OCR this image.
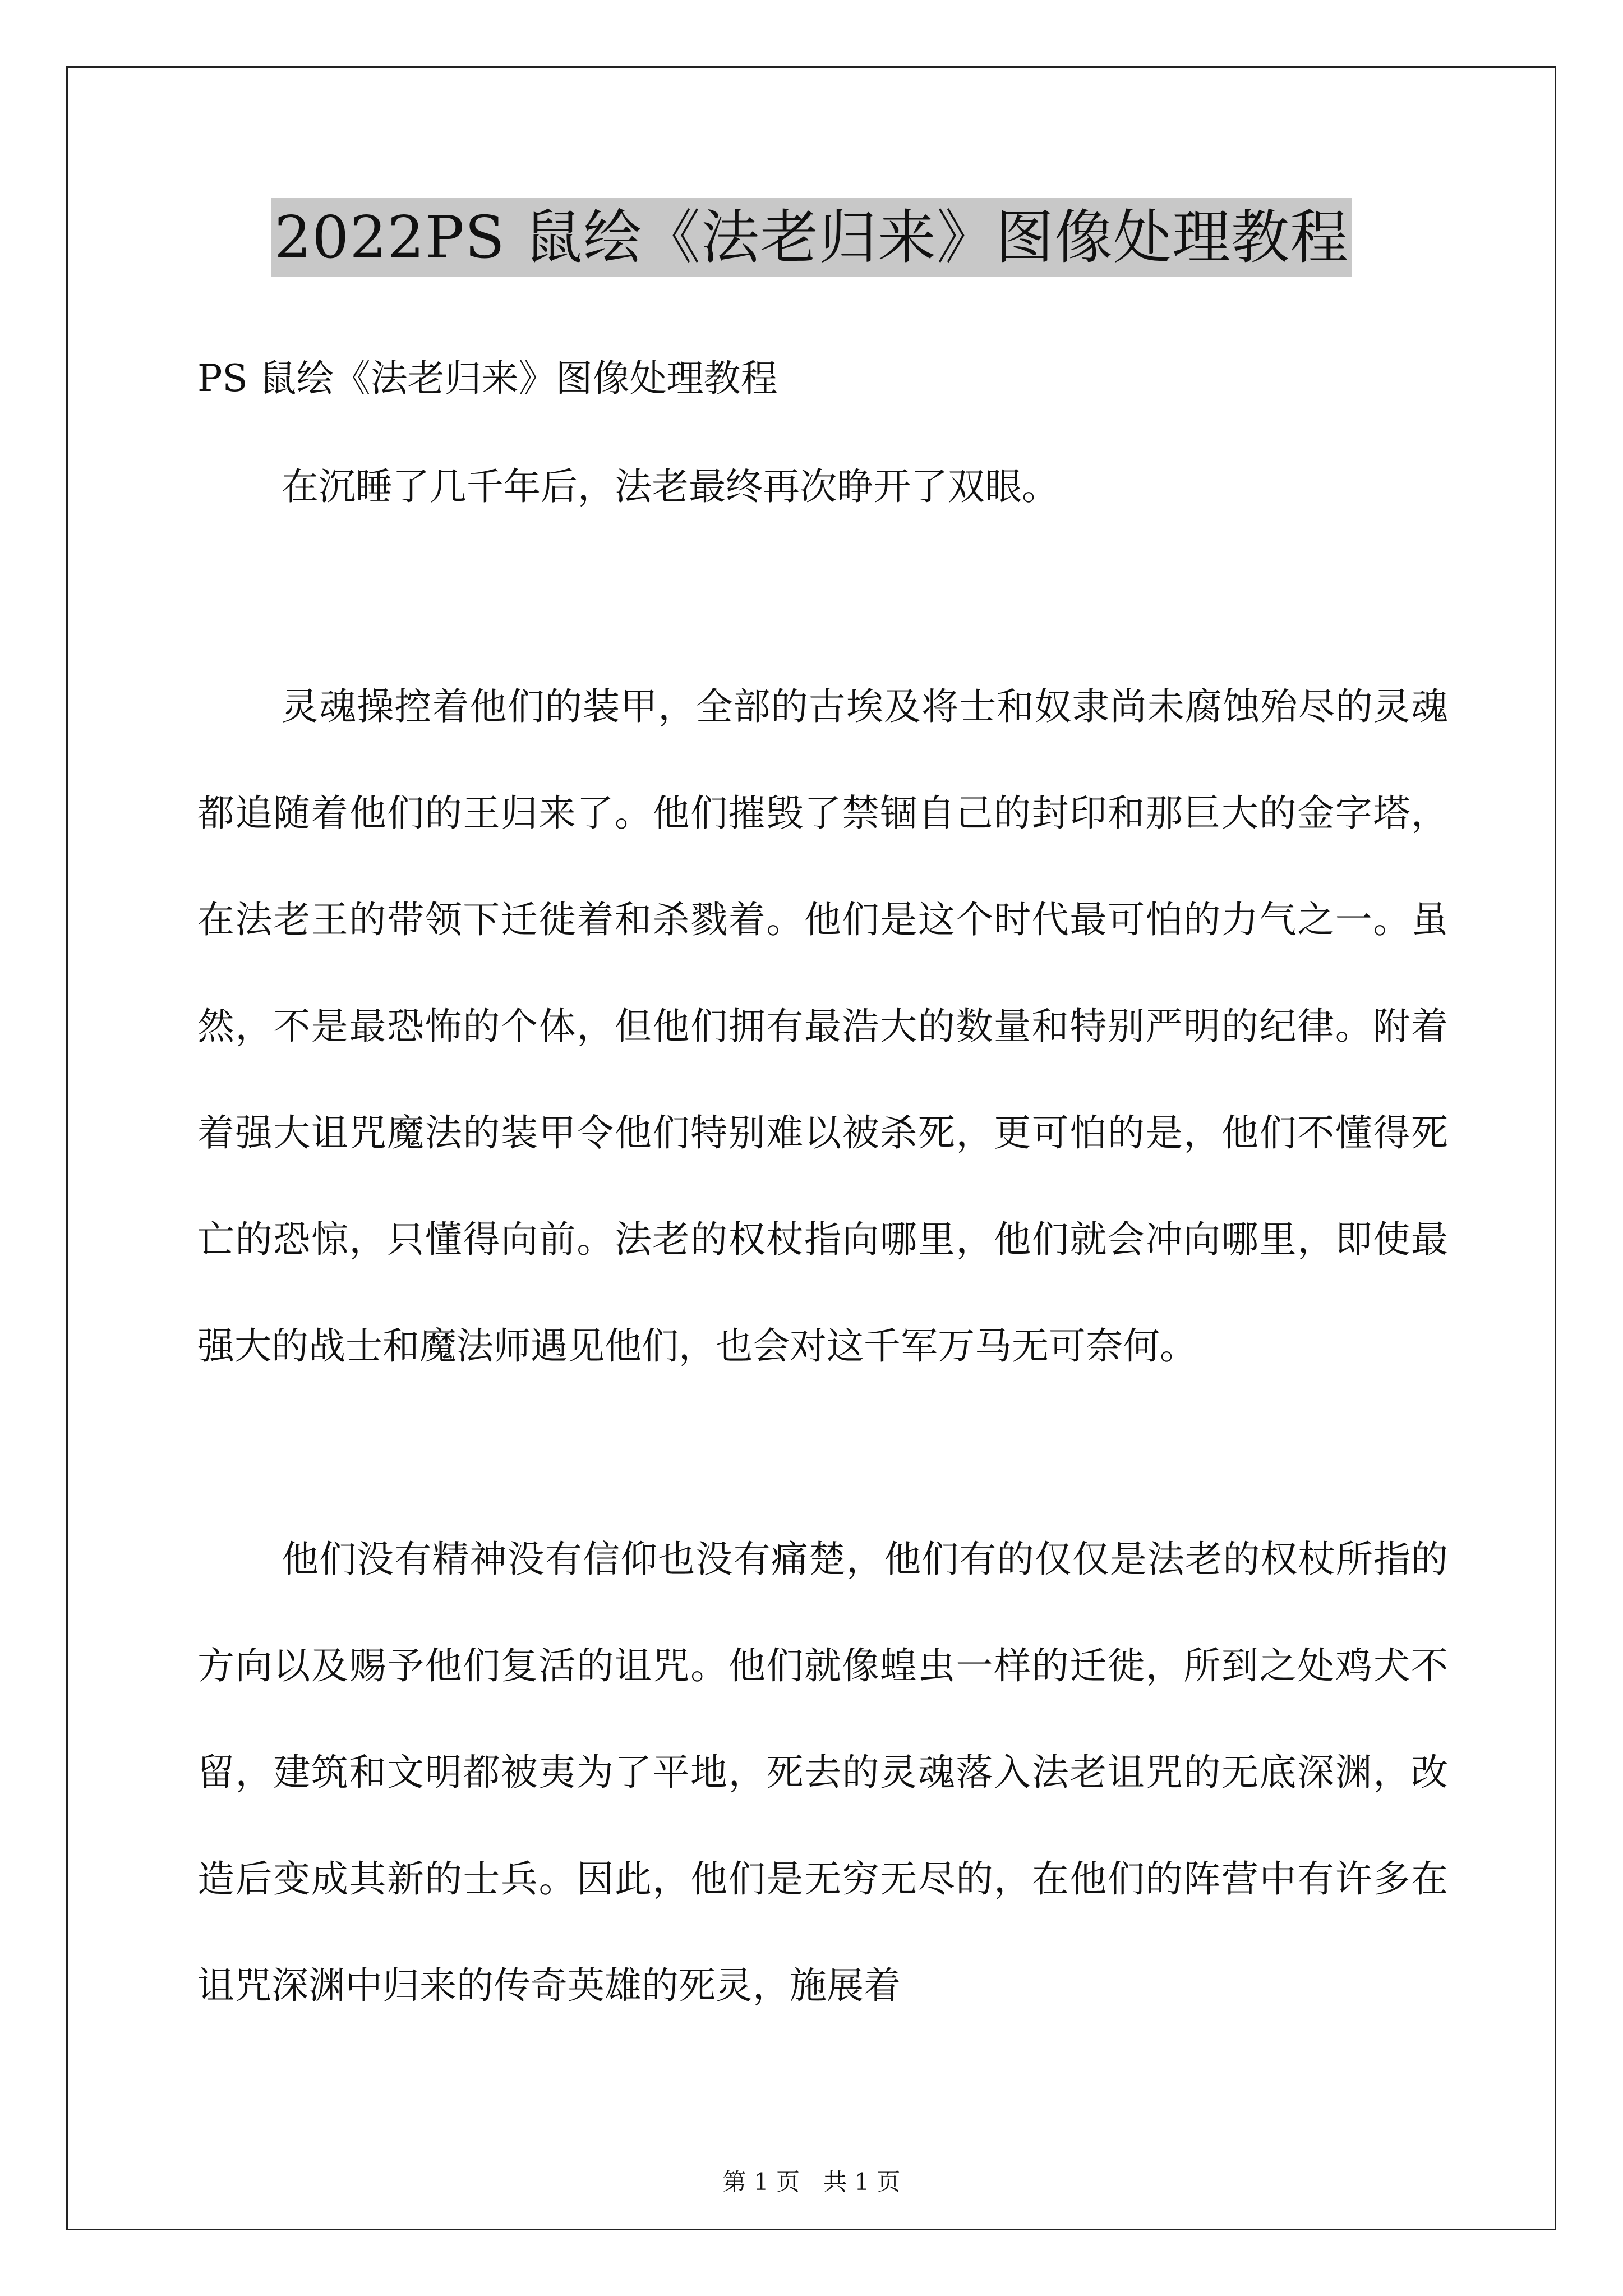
2022PS 鼠绘《法老归来》图像处理教程
PS 鼠绘《法老归来》图像处理教程

在沉睡了几千年后，法老最终再次睁开了双眼。

灵魂操控着他们的装甲，全部的古埃及将士和奴隶尚未腐蚀殆尽的灵魂都追随着他们的王归来了。他们摧毁了禁锢自己的封印和那巨大的金字塔，在法老王的带领下迁徙着和杀戮着。他们是这个时代最可怕的力气之一。虽然，不是最恐怖的个体，但他们拥有最浩大的数量和特别严明的纪律。附着着强大诅咒魔法的装甲令他们特别难以被杀死，更可怕的是，他们不懂得死亡的恐惊，只懂得向前。法老的权杖指向哪里，他们就会冲向哪里，即使最强大的战士和魔法师遇见他们，也会对这千军万马无可奈何。

他们没有精神没有信仰也没有痛楚，他们有的仅仅是法老的权杖所指的方向以及赐予他们复活的诅咒。他们就像蝗虫一样的迁徙，所到之处鸡犬不留，建筑和文明都被夷为了平地，死去的灵魂落入法老诅咒的无底深渊，改造后变成其新的士兵。因此，他们是无穷无尽的，在他们的阵营中有许多在诅咒深渊中归来的传奇英雄的死灵，施展着

第 1 页　共 1 页
